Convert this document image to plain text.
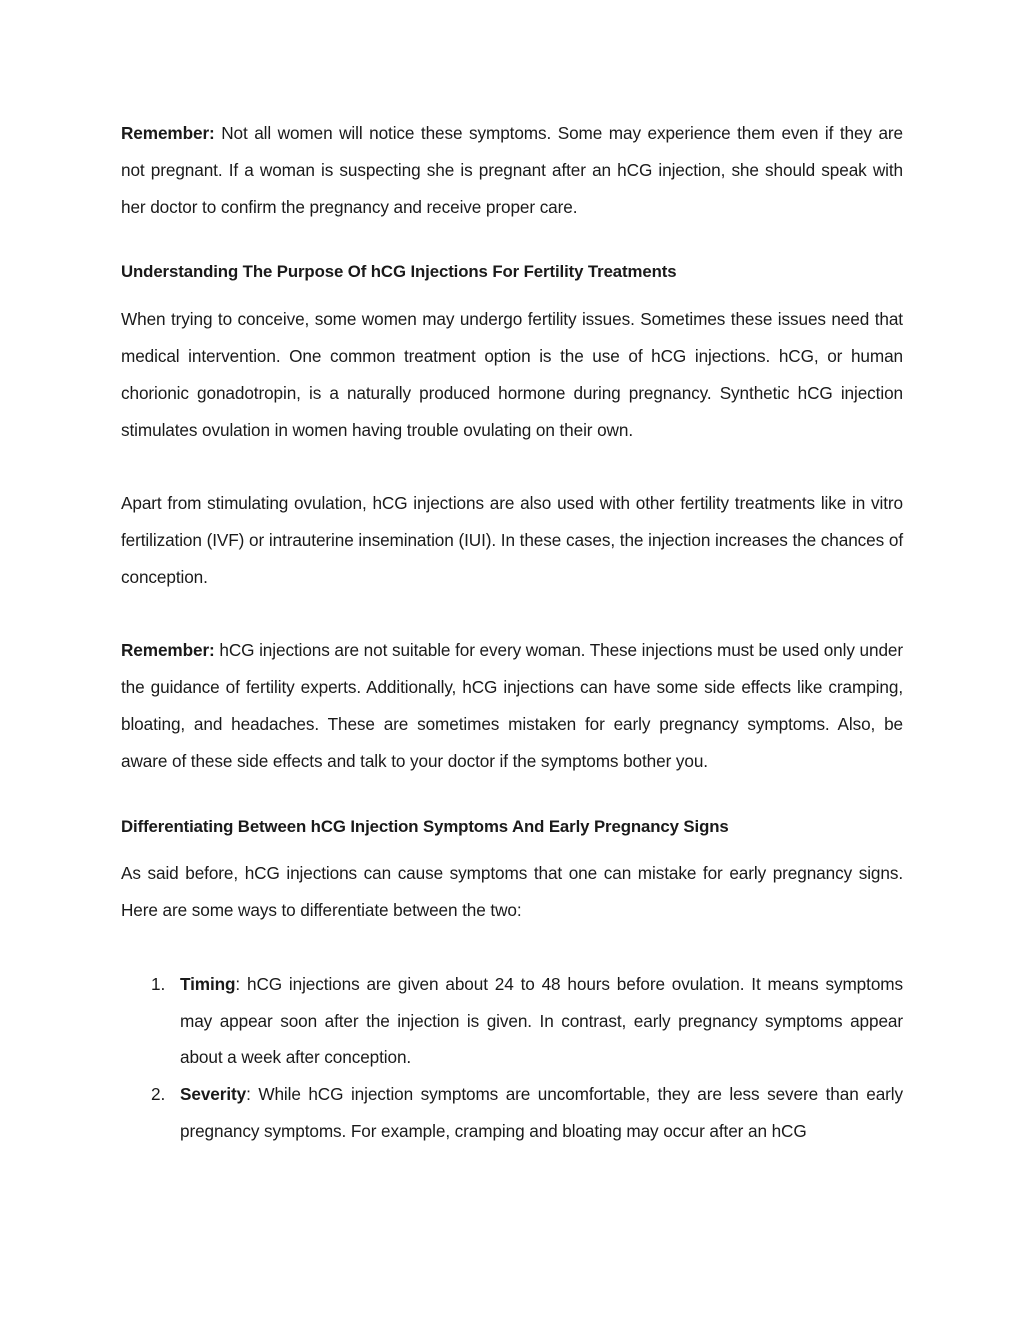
Remember: Not all women will notice these symptoms. Some may experience them even if they are not pregnant. If a woman is suspecting she is pregnant after an hCG injection, she should speak with her doctor to confirm the pregnancy and receive proper care.

Understanding The Purpose Of hCG Injections For Fertility Treatments

When trying to conceive, some women may undergo fertility issues. Sometimes these issues need that medical intervention. One common treatment option is the use of hCG injections. hCG, or human chorionic gonadotropin, is a naturally produced hormone during pregnancy. Synthetic hCG injection stimulates ovulation in women having trouble ovulating on their own.

Apart from stimulating ovulation, hCG injections are also used with other fertility treatments like in vitro fertilization (IVF) or intrauterine insemination (IUI). In these cases, the injection increases the chances of conception.

Remember: hCG injections are not suitable for every woman. These injections must be used only under the guidance of fertility experts. Additionally, hCG injections can have some side effects like cramping, bloating, and headaches. These are sometimes mistaken for early pregnancy symptoms. Also, be aware of these side effects and talk to your doctor if the symptoms bother you.

Differentiating Between hCG Injection Symptoms And Early Pregnancy Signs

As said before, hCG injections can cause symptoms that one can mistake for early pregnancy signs. Here are some ways to differentiate between the two:

1. Timing: hCG injections are given about 24 to 48 hours before ovulation. It means symptoms may appear soon after the injection is given. In contrast, early pregnancy symptoms appear about a week after conception.
2. Severity: While hCG injection symptoms are uncomfortable, they are less severe than early pregnancy symptoms. For example, cramping and bloating may occur after an hCG
